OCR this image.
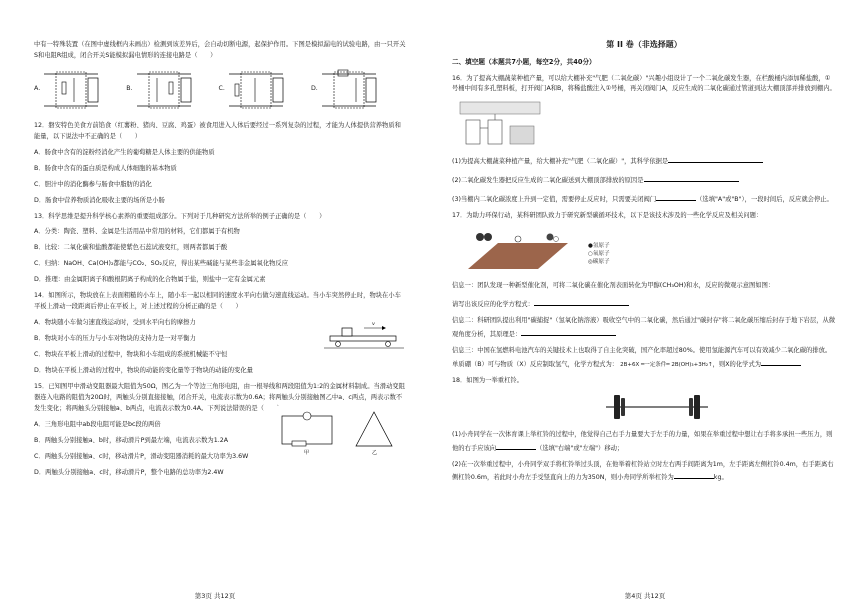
中有一特殊装置（在图中虚线框内未画出）检测到该差异后，会自动切断电源，起保护作用。下图是模拟漏电的试验电路，由一只开关S和电阻R组成，闭合开关S能模拟漏电情形的连接电路是（　　）

A.	B.	C.	D.

12．磐安特色美食方前馅食（红薯粉、猪肉、豆腐、鸡蛋）被食用进入人体后要经过一系列复杂的过程，才能为人体提供营养物质和能量，以下说法中不正确的是（　　）

A．肠食中含有的淀粉经消化产生的葡萄糖是人体主要的供能物质

B．肠食中含有的蛋白质是构成人体细胞的基本物质

C．胆汁中的消化酶参与肠食中脂肪的消化

D．肠食中营养物质消化吸收主要的场所是小肠

13．科学思维是提升科学核心素养的重要组成部分。下列对于几种研究方法所举的例子正确的是（　　）

A．分类：陶瓷、塑料、金属是生活用品中常用的材料，它们都属于有机物

B．比较：二氧化碳和盐酸都能使紫色石蕊试液变红，则两者都属于酸

C．归纳：NaOH、Ca(OH)₂都能与CO₂、SO₂反应，得出某些碱能与某些非金属氧化物反应

D．推理：由金属阳离子和酸根阴离子构成的化合物属于盐，则盐中一定有金属元素

14．如图所示，物块放在上表面粗糙的小车上，随小车一起以相同的速度水平向右做匀速直线运动。当小车突然停止时，物块在小车平板上滑动一段距离后停止在平板上，对上述过程的分析正确的是（　　）

A．物块随小车做匀速直线运动时，受到水平向右的摩擦力

B．物块对小车的压力与小车对物块的支持力是一对平衡力

C．物块在平板上滑动的过程中，物块和小车组成的系统机械能不守恒

D．物块在平板上滑动的过程中，物块的动能的变化量等于物块的动能的变化量

v

15．已知图甲中滑动变阻器最大阻值为50Ω，图乙为一个等边三角形电阻，由一根导线和两段阻值为1:2的金属材料制成。当滑动变阻器连入电路的阻值为20Ω时，两触头分别直接接触，闭合开关，电流表示数为0.6A；将两触头分别接触图乙中a、c两点，两表示数不发生变化；将两触头分别接触a、b两点，电流表示数为0.4A。下列说法错误的是（　　）

A．三角形电阻中ab段电阻可能是bc段的两倍

B．两触头分别接触a、b时，移动滑片P到最左端，电流表示数为1.2A

C．两触头分别接触a、c时，移动滑片P，滑动变阻器消耗的最大功率为3.6W

D．两触头分别接触a、c时，移动滑片P，整个电路的总功率为2.4W

甲	乙
第3页 共12页
第 II 卷（非选择题）
二、填空题（本题共7小题，每空2分，共40分）

16．为了提高大棚蔬菜种植产量，可以给大棚补充"气肥（二氧化碳）"兴趣小组设计了一个二氧化碳发生器，在栏酸桶内添加稀盐酸，①号桶中间有多孔塑料板，打开阀门A和B，将稀盐酸注入①号桶，再关闭阀门A，反应生成的二氧化碳通过管道到达大棚顶部并排放到棚内。

(1)为提高大棚蔬菜种植产量，给大棚补充"气肥（二氧化碳）"，其科学依据是

(2)二氧化碳发生器把反应生成的二氧化碳送到大棚顶部排放的原因是

(3)当棚内二氧化碳浓度上升到一定值，需要停止反应时，只需要关闭阀门	（选填"A"或"B"），一段时间后，反应就会停止。

17．为助力环保行动，某科研团队致力于研究新型碳循环技术，以下是该技术涉及的一些化学反应及相关问题：

●氢原子
○氧原子
◎碳原子

信息一：团队发现一种新型催化剂，可将二氧化碳在催化剂表面转化为甲醇(CH₃OH)和水，反应的微观示意图如图：

请写出该反应的化学方程式：

信息二：科研团队提出利用"碳捕捉"（氢氧化钠溶液）吸收空气中的二氧化碳，然后通过"碳封存"将二氧化碳压缩后封存于地下岩层，从微观角度分析，其原理是：

信息三：中国在氢燃料电池汽车的关键技术上也取得了自主化突破，国产化率超过80%。使用氢能源汽车可以有效减少二氧化碳的排放。单质硼（B）可与物质（X）反应制取氢气，化学方程式为： 2B+6X ═一定条件═ 2B(OH)₃+3H₂↑，则X的化学式为

18．如图为一举重杠铃。

(1)小舟同学在一次体育课上举杠铃的过程中，他觉得自己右手力量要大于左手的力量，如果在举重过程中想让右手将多承担一些压力，则他的右手应该向	（选填"右端"或"左端"）移动；

(2)在一次举重过程中，小舟同学双手将杠铃举过头顶，在他举着杠铃站立时左右两手间距离为1m，左手距离左侧杠铃0.4m，右手距离右侧杠铃0.6m，若此时小舟左手受竖直向上的力为350N，则小舟同学所举杠铃为	kg。

第4页 共12页
